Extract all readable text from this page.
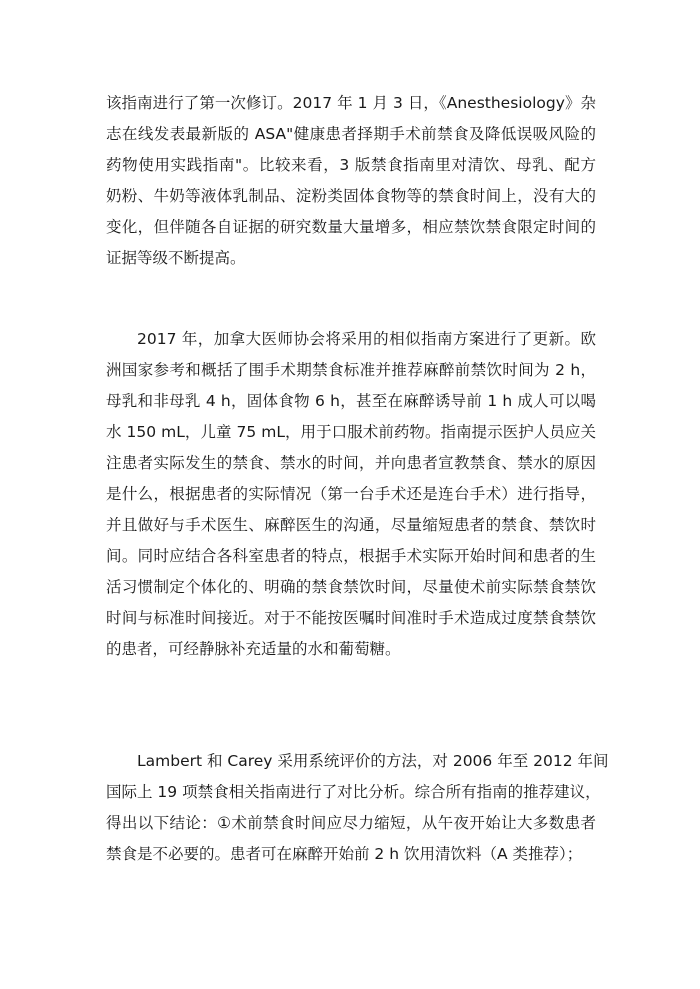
该指南进行了第一次修订。2017 年 1 月 3 日，《Anesthesiology》杂
志在线发表最新版的 ASA"健康患者择期手术前禁食及降低误吸风险的
药物使用实践指南"。比较来看，3 版禁食指南里对清饮、母乳、配方
奶粉、牛奶等液体乳制品、淀粉类固体食物等的禁食时间上，没有大的
变化，但伴随各自证据的研究数量大量增多，相应禁饮禁食限定时间的
证据等级不断提高。

2017 年，加拿大医师协会将采用的相似指南方案进行了更新。欧
洲国家参考和概括了围手术期禁食标准并推荐麻醉前禁饮时间为 2 h，
母乳和非母乳 4 h，固体食物 6 h，甚至在麻醉诱导前 1 h 成人可以喝
水 150 mL，儿童 75 mL，用于口服术前药物。指南提示医护人员应关
注患者实际发生的禁食、禁水的时间，并向患者宣教禁食、禁水的原因
是什么，根据患者的实际情况（第一台手术还是连台手术）进行指导，
并且做好与手术医生、麻醉医生的沟通，尽量缩短患者的禁食、禁饮时
间。同时应结合各科室患者的特点，根据手术实际开始时间和患者的生
活习惯制定个体化的、明确的禁食禁饮时间，尽量使术前实际禁食禁饮
时间与标准时间接近。对于不能按医嘱时间准时手术造成过度禁食禁饮
的患者，可经静脉补充适量的水和葡萄糖。

Lambert 和 Carey 采用系统评价的方法，对 2006 年至 2012 年间
国际上 19 项禁食相关指南进行了对比分析。综合所有指南的推荐建议，
得出以下结论：①术前禁食时间应尽力缩短，从午夜开始让大多数患者
禁食是不必要的。患者可在麻醉开始前 2 h 饮用清饮料（A 类推荐）；
